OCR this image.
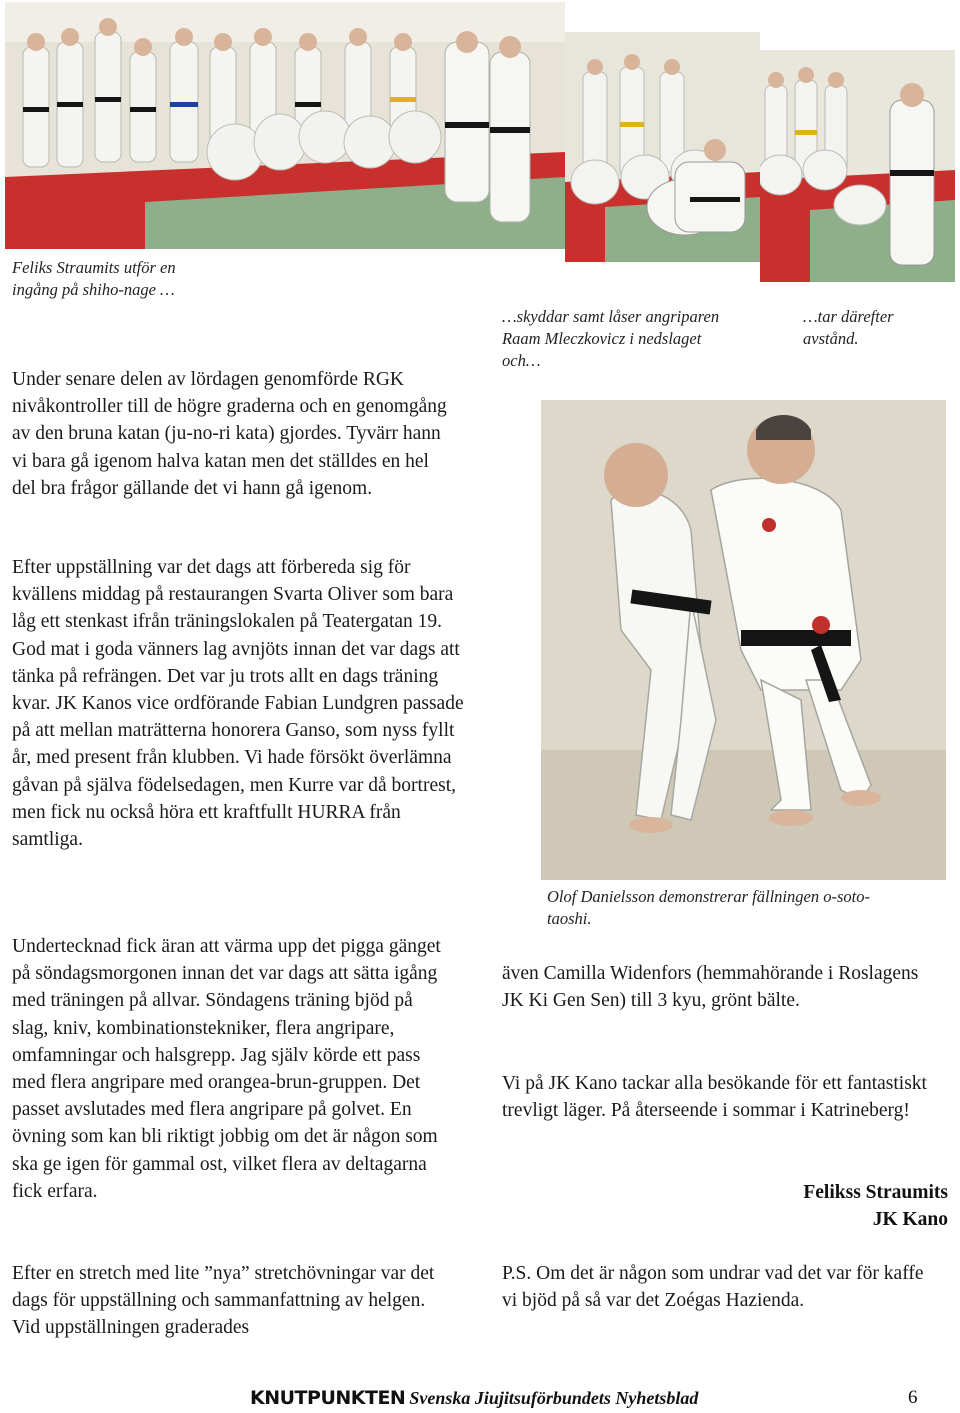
Feliks Straumits utför en ingång på shiho-nage …
…skyddar samt låser angriparen Raam Mleczkovicz i nedslaget och…
…tar därefter avstånd.
Under senare delen av lördagen genomförde RGK nivåkontroller till de högre graderna och en genomgång av den bruna katan (ju-no-ri kata) gjordes. Tyvärr hann vi bara gå igenom halva katan men det ställdes en hel del bra frågor gällande det vi hann gå igenom.
Efter uppställning var det dags att förbereda sig för kvällens middag på restaurangen Svarta Oliver som bara låg ett stenkast ifrån träningslokalen på Teatergatan 19. God mat i goda vänners lag avnjöts innan det var dags att tänka på refrängen. Det var ju trots allt en dags träning kvar. JK Kanos vice ordförande Fabian Lundgren passade på att mellan maträtterna honorera Ganso, som nyss fyllt år, med present från klubben. Vi hade försökt överlämna gåvan på själva födelsedagen, men Kurre var då bortrest, men fick nu också höra ett kraftfullt HURRA från samtliga.
Undertecknad fick äran att värma upp det pigga gänget på söndagsmorgonen innan det var dags att sätta igång med träningen på allvar. Söndagens träning bjöd på slag, kniv, kombinationstekniker, flera angripare, omfamningar och halsgrepp. Jag själv körde ett pass med flera angripare med orangea-brun-gruppen. Det passet avslutades med flera angripare på golvet. En övning som kan bli riktigt jobbig om det är någon som ska ge igen för gammal ost, vilket flera av deltagarna fick erfara.
Efter en stretch med lite ”nya” stretchövningar var det dags för uppställning och sammanfattning av helgen. Vid uppställningen graderades
Olof Danielsson demonstrerar fällningen o-soto-taoshi.
även Camilla Widenfors (hemmahörande i Roslagens JK Ki Gen Sen) till 3 kyu, grönt bälte.
Vi på JK Kano tackar alla besökande för ett fantastiskt trevligt läger. På återseende i sommar i Katrineberg!
Felikss Straumits
JK Kano
P.S. Om det är någon som undrar vad det var för kaffe vi bjöd på så var det Zoégas Hazienda.
KNUTPUNKTEN Svenska Jiujitsuförbundets Nyhetsblad	6
